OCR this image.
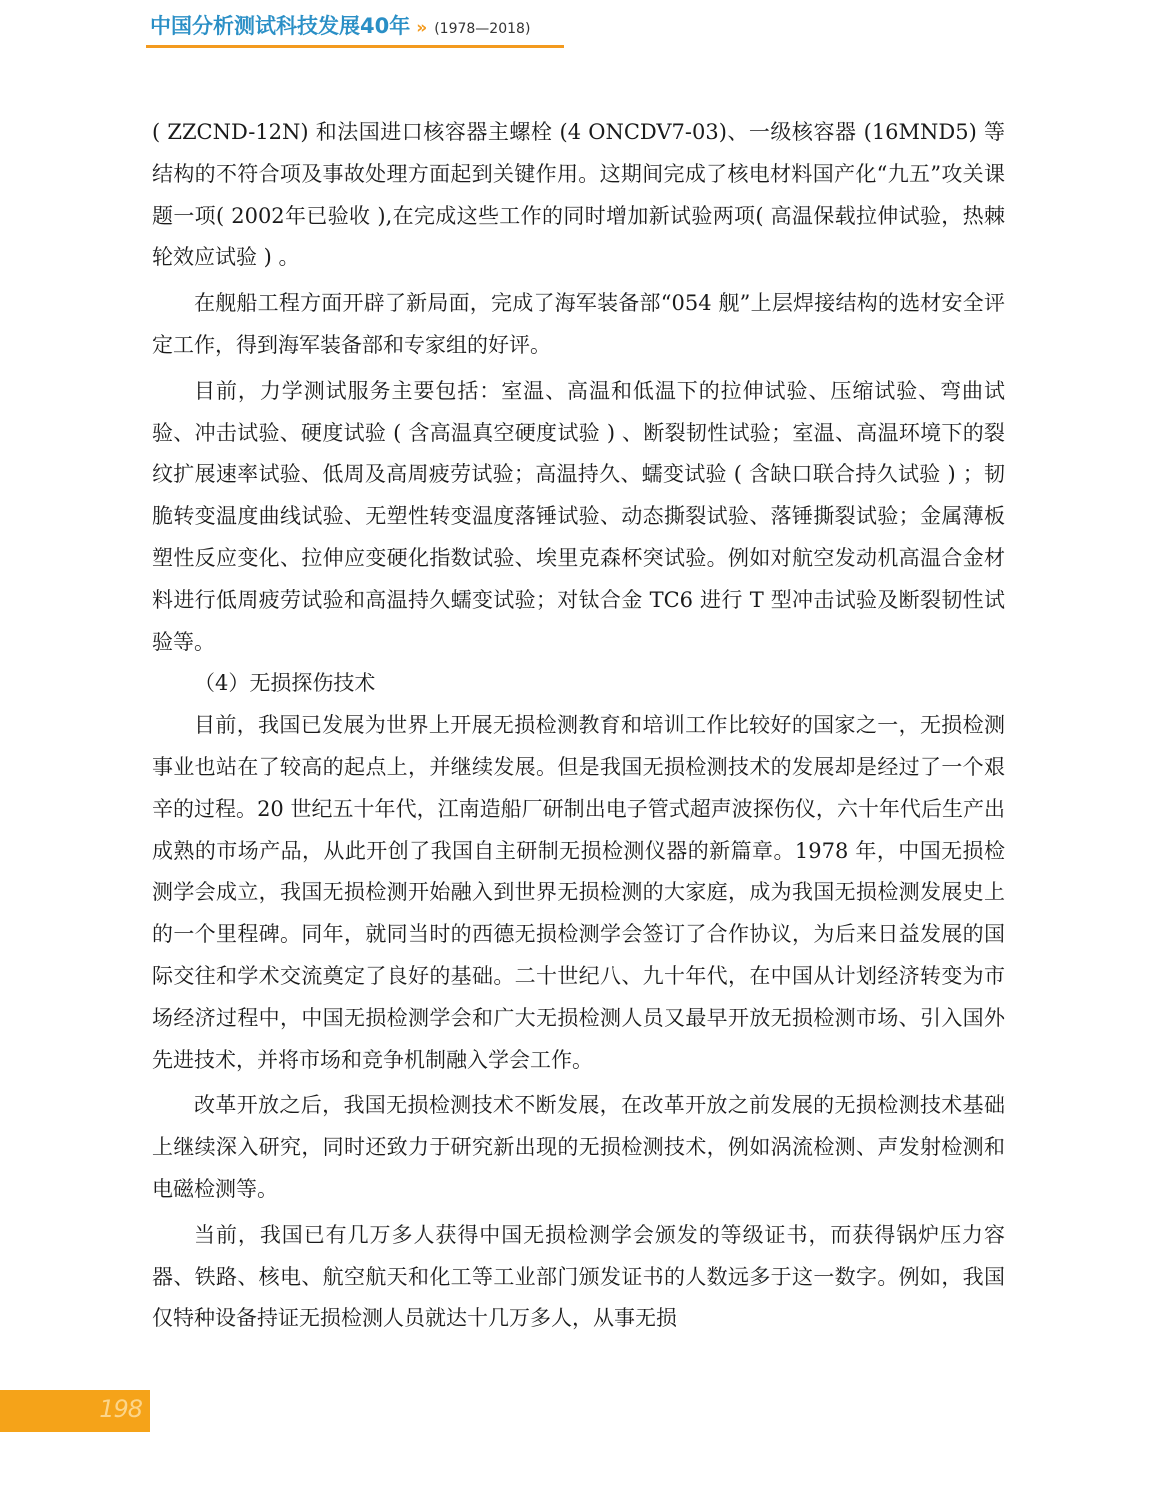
中国分析测试科技发展40年 » (1978—2018)

( ZZCND-12N) 和法国进口核容器主螺栓 (4 ONCDV7-03)、一级核容器 (16MND5) 等结构的不符合项及事故处理方面起到关键作用。这期间完成了核电材料国产化“九五”攻关课题一项( 2002年已验收 ),在完成这些工作的同时增加新试验两项( 高温保载拉伸试验，热棘轮效应试验 ) 。

在舰船工程方面开辟了新局面，完成了海军装备部“054 舰”上层焊接结构的选材安全评定工作，得到海军装备部和专家组的好评。

目前，力学测试服务主要包括：室温、高温和低温下的拉伸试验、压缩试验、弯曲试验、冲击试验、硬度试验 ( 含高温真空硬度试验 ) 、断裂韧性试验；室温、高温环境下的裂纹扩展速率试验、低周及高周疲劳试验；高温持久、蠕变试验 ( 含缺口联合持久试验 ) ；韧脆转变温度曲线试验、无塑性转变温度落锤试验、动态撕裂试验、落锤撕裂试验；金属薄板塑性反应变化、拉伸应变硬化指数试验、埃里克森杯突试验。例如对航空发动机高温合金材料进行低周疲劳试验和高温持久蠕变试验；对钛合金 TC6 进行 T 型冲击试验及断裂韧性试验等。

（4）无损探伤技术

目前，我国已发展为世界上开展无损检测教育和培训工作比较好的国家之一，无损检测事业也站在了较高的起点上，并继续发展。但是我国无损检测技术的发展却是经过了一个艰辛的过程。20 世纪五十年代，江南造船厂研制出电子管式超声波探伤仪，六十年代后生产出成熟的市场产品，从此开创了我国自主研制无损检测仪器的新篇章。1978 年，中国无损检测学会成立，我国无损检测开始融入到世界无损检测的大家庭，成为我国无损检测发展史上的一个里程碑。同年，就同当时的西德无损检测学会签订了合作协议，为后来日益发展的国际交往和学术交流奠定了良好的基础。二十世纪八、九十年代，在中国从计划经济转变为市场经济过程中，中国无损检测学会和广大无损检测人员又最早开放无损检测市场、引入国外先进技术，并将市场和竞争机制融入学会工作。

改革开放之后，我国无损检测技术不断发展，在改革开放之前发展的无损检测技术基础上继续深入研究，同时还致力于研究新出现的无损检测技术，例如涡流检测、声发射检测和电磁检测等。

当前，我国已有几万多人获得中国无损检测学会颁发的等级证书，而获得锅炉压力容器、铁路、核电、航空航天和化工等工业部门颁发证书的人数远多于这一数字。例如，我国仅特种设备持证无损检测人员就达十几万多人，从事无损

198
